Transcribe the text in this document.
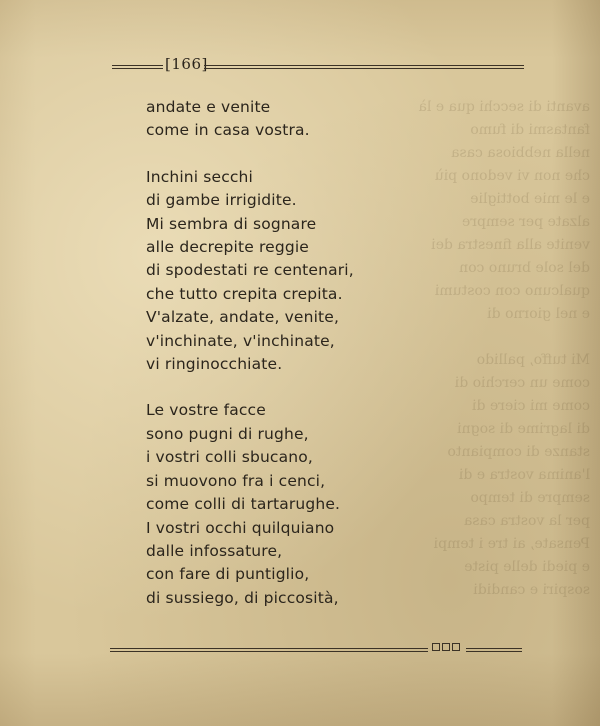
avanti di secchi qua e là
fantasmi di fumo
nella nebbiosa casa
che non vi vedono più
e le mie bottiglie
alzate per sempre
venite alla finestra dei
del sole bruno con
qualcuno con costumi
e nel giorno di

Mi tuffo, pallido
come un cerchio di
come mi ciere di
di lagrime di sogni
stanze di compianto
l'anima vostra e di
sempre di tempo
per la vostra casa
Pensate, ai tre i tempi
e piedi delle piste
sospiri e candidi
[166]
andate e venite
come in casa vostra.
Inchini secchi
di gambe irrigidite.
Mi sembra di sognare
alle decrepite reggie
di spodestati re centenari,
che tutto crepita crepita.
V'alzate, andate, venite,
v'inchinate, v'inchinate,
vi ringinocchiate.
Le vostre facce
sono pugni di rughe,
i vostri colli sbucano,
si muovono fra i cenci,
come colli di tartarughe.
I vostri occhi quilquiano
dalle infossature,
con fare di puntiglio,
di sussiego, di piccosità,
